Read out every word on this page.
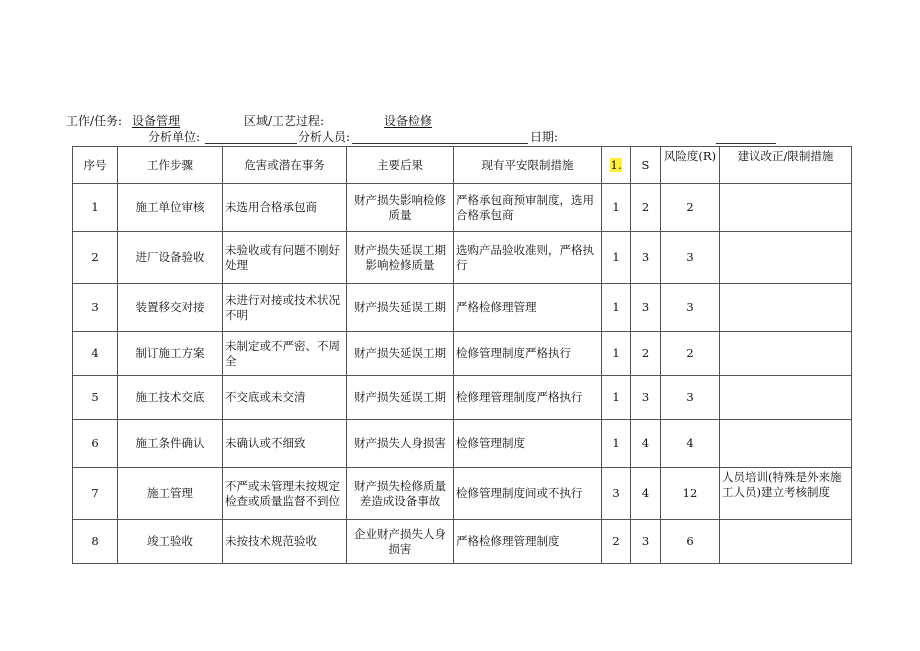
工作/任务: 设备管理	区域/工艺过程:	设备检修
分析单位:	分析人员:	日期:
序号	工作步骤	危害或潜在事务	主要后果	现有平安限制措施	1.	S	风险度(R)	建议改正/限制措施
1	施工单位审核	未选用合格承包商	财产损失影响检修质量	严格承包商预审制度，选用合格承包商	1	2	2	
2	进厂设备验收	未验收或有问题不刚好处理	财产损失延误工期影响检修质量	选购产品验收准则，严格执行	1	3	3	
3	装置移交对接	未进行对接或技术状况不明	财产损失延误工期	严格检修理管理	1	3	3	
4	制订施工方案	未制定或不严密、不周全	财产损失延误工期	检修管理制度严格执行	1	2	2	
5	施工技术交底	不交底或未交清	财产损失延误工期	检修理管理制度严格执行	1	3	3	
6	施工条件确认	未确认或不细致	财产损失人身损害	检修管理制度	1	4	4	
7	施工管理	不严或未管理未按规定检查或质量监督不到位	财产损失检修质量差造成设备事故	检修管理制度间或不执行	3	4	12	人员培训(特殊是外来施工人员)建立考核制度
8	竣工验收	未按技术规范验收	企业财产损失人身损害	严格检修理管理制度	2	3	6	
